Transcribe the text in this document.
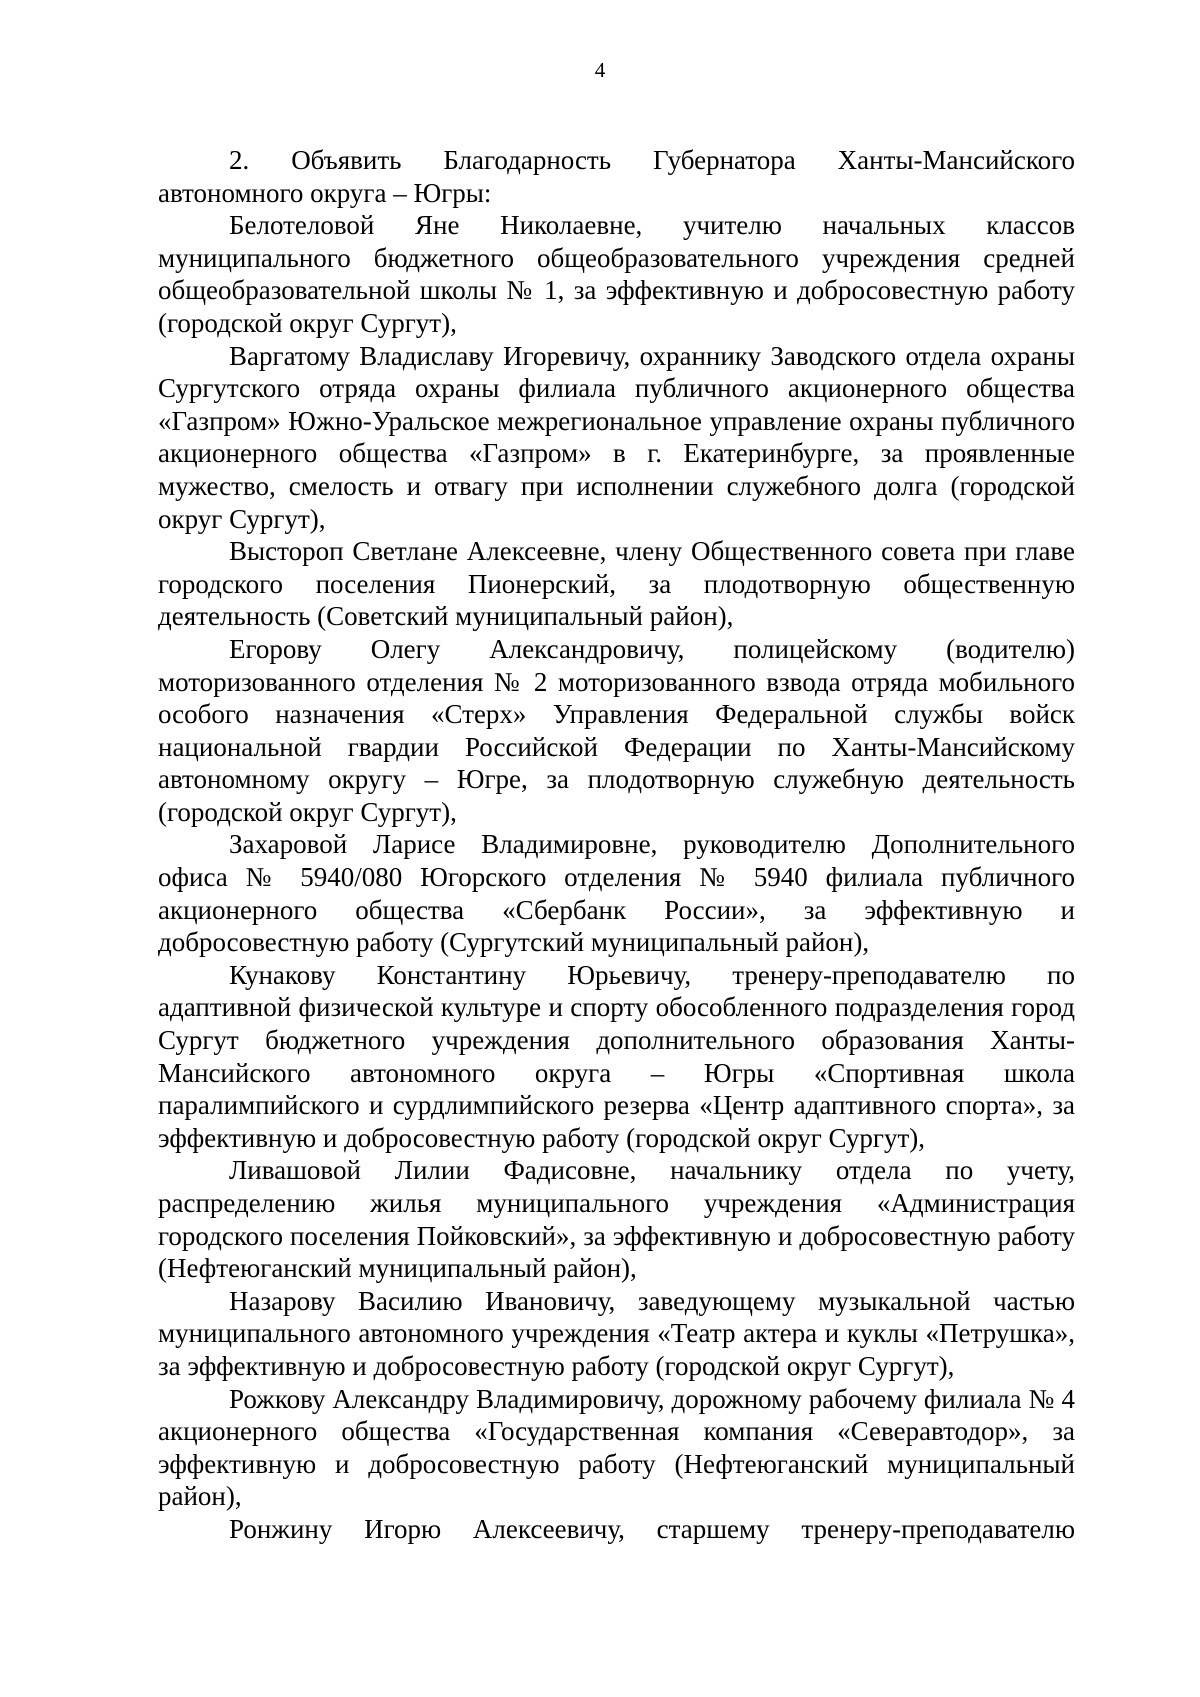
4

2. Объявить Благодарность Губернатора Ханты-Мансийского автономного округа – Югры:

Белотеловой Яне Николаевне, учителю начальных классов муниципального бюджетного общеобразовательного учреждения средней общеобразовательной школы № 1, за эффективную и добросовестную работу (городской округ Сургут),

Варгатому Владиславу Игоревичу, охраннику Заводского отдела охраны Сургутского отряда охраны филиала публичного акционерного общества «Газпром» Южно-Уральское межрегиональное управление охраны публичного акционерного общества «Газпром» в г. Екатеринбурге, за проявленные мужество, смелость и отвагу при исполнении служебного долга (городской округ Сургут),

Выстороп Светлане Алексеевне, члену Общественного совета при главе городского поселения Пионерский, за плодотворную общественную деятельность (Советский муниципальный район),

Егорову Олегу Александровичу, полицейскому (водителю) моторизованного отделения № 2 моторизованного взвода отряда мобильного особого назначения «Стерх» Управления Федеральной службы войск национальной гвардии Российской Федерации по Ханты-Мансийскому автономному округу – Югре, за плодотворную служебную деятельность (городской округ Сургут),

Захаровой Ларисе Владимировне, руководителю Дополнительного офиса № 5940/080 Югорского отделения № 5940 филиала публичного акционерного общества «Сбербанк России», за эффективную и добросовестную работу (Сургутский муниципальный район),

Кунакову Константину Юрьевичу, тренеру-преподавателю по адаптивной физической культуре и спорту обособленного подразделения город Сургут бюджетного учреждения дополнительного образования Ханты-Мансийского автономного округа – Югры «Спортивная школа паралимпийского и сурдлимпийского резерва «Центр адаптивного спорта», за эффективную и добросовестную работу (городской округ Сургут),

Ливашовой Лилии Фадисовне, начальнику отдела по учету, распределению жилья муниципального учреждения «Администрация городского поселения Пойковский», за эффективную и добросовестную работу (Нефтеюганский муниципальный район),

Назарову Василию Ивановичу, заведующему музыкальной частью муниципального автономного учреждения «Театр актера и куклы «Петрушка», за эффективную и добросовестную работу (городской округ Сургут),

Рожкову Александру Владимировичу, дорожному рабочему филиала № 4 акционерного общества «Государственная компания «Северавтодор», за эффективную и добросовестную работу (Нефтеюганский муниципальный район),

Ронжину Игорю Алексеевичу, старшему тренеру-преподавателю
